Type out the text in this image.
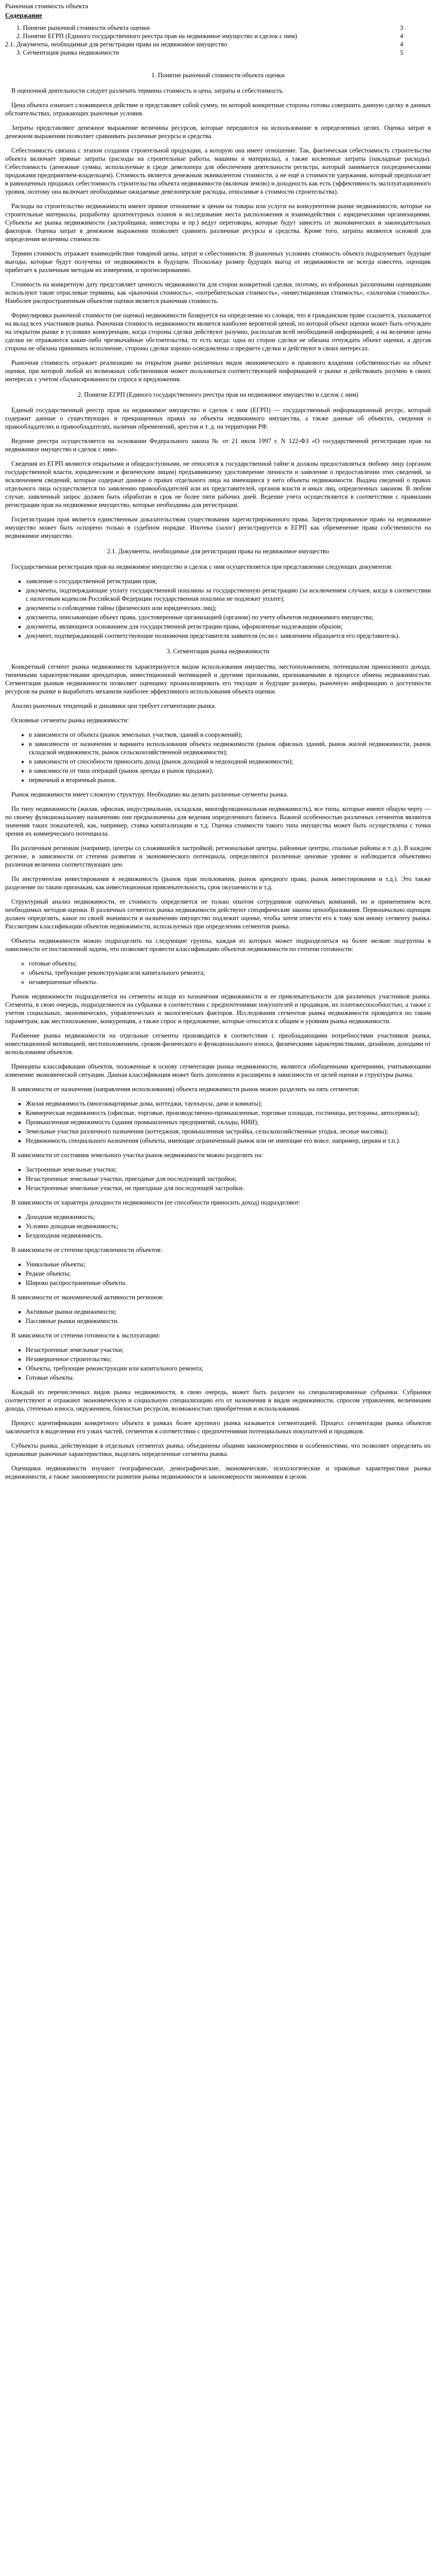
Рыночная стоимость объекта
Содержание
1. Понятие рыночной стоимости объекта оценки	3
2. Понятие ЕГРП (Единого государственного реестра прав на недвижимое имущество и сделок с ним)	4
2.1. Документы, необходимые для регистрации права на недвижимое имущество	4
3. Сегментация рынка недвижимости	5
1. Понятие рыночной стоимости объекта оценки

В оценочной деятельности следует различать термины стоимость и цена, затраты и себестоимость.

Цена объекта означает сложившееся действие и представляет собой сумму, по которой конкретные стороны готовы совершить данную сделку в данных обстоятельствах, отражающих рыночные условия.

Затраты представляют денежное выражение величины ресурсов, которые передаются на использование в определенных целях. Оценка затрат в денежном выражении позволяет сравнивать различные ресурсы и средства.

Себестоимость связана с этапом создания строительной продукции, а которую она имеет отношение. Так, фактическая себестоимость строительства объекта включает прямые затраты (расходы на строительные работы, машины и материалы), а также косвенные затраты (накладные расходы). Себестоимость (денежные суммы, используемые в среде девелопера для обеспечения деятельности регистра, который занимается посредническими продажами предприятием-владельцем). Стоимость является денежным эквивалентом стоимости, а не ещё и стоимости удержания, который предполагает в равноценных продажах себестоимость строительства объекта недвижимости (включая землю) и доходность как есть (эффективность эксплуатационного уровня, поэтому она включает необходимые ожидаемые девелоперские расходы, относимые к стоимости строительства).

Расходы на строительство недвижимости имеют прямое отношение к ценам на товары или услуги на конкурентном рынке недвижимости, которые на строительные материалы, разработку архитектурных планов и исследование места расположения и взаимодействия с юридическими организациями. Субъекты же рынка недвижимости (застройщики, инвесторы и пр.) ведут переговоры, которые будут зависеть от экономических и законодательных факторов. Оценка затрат в денежном выражении позволяет сравнить различные ресурсы и средства. Кроме того, затраты являются основой для определения величины стоимости.

Термин стоимость отражает взаимодействие товарной цены, затрат и себестоимости. В рыночных условиях стоимость объекта подразумевает будущие выгоды, которые будут получены от недвижимости в будущем. Поскольку размер будущих выгод от недвижимости не всегда известен, оценщик прибегает к различным методам их измерения, и прогнозированию.

Стоимость на конкретную дату представляет ценность недвижимости для сторон конкретной сделки, поэтому, из избранных различными оценщиками используют такие отраслевые термины, как «рыночная стоимость», «потребительская стоимость», «инвестиционная стоимость», «залоговая стоимость». Наиболее распространенным объектом оценки является рыночная стоимость.

Формулировка рыночной стоимости (не оценка) недвижимости базируется на определении из словаря, что в гражданском праве ссылается, указывается на вклад всех участников рынка. Рыночная стоимость недвижимости является наиболее вероятной ценой, по которой объект оценки может быть отчужден на открытом рынке в условиях конкуренции, когда стороны сделки действуют разумно, располагая всей необходимой информацией, а на величине цены сделки не отражаются какие-либо чрезвычайные обстоятельства, то есть когда: одна из сторон сделки не обязана отчуждать объект оценки, а другая сторона не обязана принимать исполнение, стороны сделки хорошо осведомлены о предмете сделки и действуют в своих интересах.

Рыночная стоимость отражает реализацию на открытом рынке различных видов экономического и правового владения собственностью на объект оценки, при которой любой из возможных собственников может пользоваться соответствующей информацией о рынке и действовать разумно в своих интересах с учетом сбалансированности спроса и предложения.

2. Понятие ЕГРП (Единого государственного реестра прав на недвижимое имущество и сделок с ним)

Единый государственный реестр прав на недвижимое имущество и сделок с ним (ЕГРП) — государственный информационный ресурс, который содержит данные о существующих и прекращенных правах на объекты недвижимого имущества, а также данные об объектах, сведения о правообладателях и правообладателях, наличии обременений, арестов и т. д. на территории РФ.

Ведение реестра осуществляется на основании Федерального закона № от 21 июля 1997 г. N 122-ФЗ «О государственной регистрации прав на недвижимое имущество и сделок с ним».

Сведения из ЕГРП являются открытыми и общедоступными, не относятся к государственной тайне и должны предоставляться любому лицу (органам государственной власти, юридическим и физическим лицам) предъявившему удостоверение личности и заявление о предоставлении этих сведений, за исключением сведений, которые содержат данные о правах отдельного лица на имеющиеся у него объекты недвижимости. Выдача сведений о правах отдельного лица осуществляется по заявлению правообладателей или их представителей, органов власти и иных лиц, определенных законом. В любом случае, заявленный запрос должен быть обработан в срок не более пяти рабочих дней. Ведение учета осуществляется в соответствии с правилами регистрации прав на недвижимое имущество, которые необходимы для регистрации.

Госрегистрация прав является единственным доказательством существования зарегистрированного права. Зарегистрированное право на недвижимое имущество может быть оспорено только в судебном порядке. Ипотека (залог) регистрируется в ЕГРП как обременение права собственности на недвижимое имущество.

2.1. Документы, необходимые для регистрации права на недвижимое имущество

Государственная регистрация прав на недвижимое имущество и сделок с ним осуществляется при представлении следующих документов:

▪ заявление о государственной регистрации прав;
▪ документы, подтверждающие уплату государственной пошлины за государственную регистрацию (за исключением случаев, когда в соответствии с налоговым кодексом Российской Федерации государственная пошлина не подлежит уплате);
▪ документы о соблюдении тайны (физических или юридических лиц);
▪ документы, описывающие объект права, удостоверенные организацией (органом) по учету объектов недвижимого имущества;
▪ документы, являющиеся основанием для государственной регистрации права, оформленные надлежащим образом;
▪ документ, подтверждающий соответствующие полномочия представителя заявителя (если с заявлением обращается его представитель).
3. Сегментация рынка недвижимости

Конкретный сегмент рынка недвижимости характеризуется видом использования имущества, местоположением, потенциалом приносимого дохода, типичными характеристиками арендаторов, инвестиционной мотивацией и другими признаками, признаваемыми в процессе обмена недвижимостью. Сегментация рынков недвижимости позволяет оценщику проанализировать его текущие и будущие размеры, рыночную информацию о доступности ресурсов на рынке и выработать механизм наиболее эффективного использования объекта оценки.

Анализ рыночных тенденций и динамики цен требует сегментации рынка.

Основные сегменты рынка недвижимости:

• в зависимости от объекта (рынок земельных участков, зданий и сооружений);
• в зависимости от назначения и варианта использования объекта недвижимости (рынок офисных зданий, рынок жилой недвижимости, рынок складской недвижимости, рынок сельскохозяйственной недвижимости);
• в зависимости от способности приносить доход (рынок доходной и недоходной недвижимости);
• в зависимости от типа операций (рынок аренды и рынок продажи);
• первичный и вторичный рынок.

Рынок недвижимости имеет сложную структуру. Необходимо вы делить различные сегменты рынка.

По типу недвижимости (жилая, офисная, индустриальная, складская, многофункциональная недвижимость), все типы, которые имеют общую черту — по своему функциональному назначению они предназначены для ведения определенного бизнеса. Важной особенностью различных сегментов являются значения таких показателей, как, например, ставка капитализации и т.д. Оценка стоимости такого типа имущества может быть осуществлена с точки зрения их коммерческого потенциала.

По различным регионам (например, центры со сложившейся застройкой, региональные центры, районные центры, спальные районы и т. д.). В каждом регионе, в зависимости от степени развития и экономического потенциала, определяются различные ценовые уровни и наблюдается объективно различная величина соответствующих цен.

По инструментам инвестирования в недвижимость (рынок прав пользования, рынок арендного права, рынок инвестирования и т.д.). Это также разделение по таким признакам, как инвестиционная привлекательность, срок окупаемости и т.д.

Структурный анализ недвижимости, ее стоимость определяется не только опытом сотрудников оценочных компаний, но и применением всех необходимых методов оценки. В различных сегментах рынка недвижимости действуют специфические законы ценообразования. Первоначально оценщик должен определить, какое по своей значимости и назначению имущество подлежит оценке, чтобы затем отнести его к тому или иному сегменту рынка. Рассмотрим классификации объектов недвижимости, используемых при определении сегментов рынка.

Объекты недвижимости можно подразделить на следующие группы, каждая из которых может подразделяться на более мелкие подгруппы в зависимости от поставленной задачи, что позволяет провести классификацию объектов недвижимости по степени готовности:

◦ готовые объекты;
◦ объекты, требующие реконструкции или капитального ремонта;
◦ незавершенные объекты.

Рынок недвижимости подразделяется на сегменты исходя из назначения недвижимости и ее привлекательности для различных участников рынка. Сегменты, в свою очередь, подразделяются на субрынки в соответствии с предпочтениями покупателей и продавцов, их платежеспособностью, а также с учетом социальных, экономических, управленческих и экологических факторов. Исследования сегментов рынка недвижимости проводятся по таким параметрам, как местоположение, конкуренция, а также спрос и предложение, которые относятся к общим и уровням рынка недвижимости.

Разбиение рынка недвижимости на отдельные сегменты производится в соответствии с преобладающими потребностями участников рынка, инвестиционной мотивацией, местоположением, сроком физического и функционального износа, физическими характеристиками, дизайном, доходами от использования объектов.

Принципы классификации объектов, положенные в основу сегментации рынка недвижимости, являются обобщенными критериями, учитывающими изменение экономической ситуации. Данная классификация может быть дополнена и расширена в зависимости от целей оценки и структуры рынка.

В зависимости от назначения (направления использования) объекта недвижимости рынок можно разделить на пять сегментов:

▪ Жилая недвижимость (многоквартирные дома, коттеджи, таунхаусы, дачи и комнаты);
▪ Коммерческая недвижимость (офисные, торговые, производственно-промышленные, торговые площади, гостиницы, рестораны, автосервисы);
▪ Промышленная недвижимость (здания промышленных предприятий, склады, НИИ);
▪ Земельные участки различного назначения (коттеджная, промышленная застройка, сельскохозяйственные угодья, лесные массивы);
▪ Недвижимость специального назначения (объекты, имеющие ограниченный рынок или не имеющие его вовсе, например, церкви и т.п.).

В зависимости от состояния земельного участка рынок недвижимости можно разделить на:

▪ Застроенные земельные участки;
▪ Незастроенные земельные участки, пригодные для последующей застройки;
▪ Незастроенные земельные участки, не пригодные для последующей застройки.

В зависимости от характера доходности недвижимости (ее способности приносить доход) подразделяют:

▪ Доходная недвижимость;
▪ Условно доходная недвижимость;
▪ Бездоходная недвижимость.

В зависимости от степени представленности объектов:

▪ Уникальные объекты;
▪ Редкие объекты;
▪ Широко распространенные объекты.

В зависимости от экономической активности регионов:

▪ Активные рынки недвижимости;
▪ Пассивные рынки недвижимости.

В зависимости от степени готовности к эксплуатации:

▪ Незастроенные земельные участки;
▪ Незавершенное строительство;
▪ Объекты, требующие реконструкции или капитального ремонта;
▪ Готовые объекты.

Каждый из перечисленных видов рынка недвижимости, в свою очередь, может быть разделен на специализированные субрынки. Субрынки соответствуют и отражают экономическую и социальную специализацию его от назначения и видов недвижимости, спросом управления, величинами дохода, степенью износа, окружением, близостью ресурсов, возможностью приобретения и использования.

Процесс идентификации конкретного объекта в рамках более крупного рынка называется сегментацией. Процесс сегментации рынка объектов заключается в выделении его узких частей, сегментов в соответствии с предпочтениями потенциальных покупателей и продавцов.

Субъекты рынка, действующие в отдельных сегментах рынка, объединены общими закономерностями и особенностями, что позволяет определять их одинаковые рыночные характеристики, выделять определенные сегменты рынка.

Оценщики недвижимости изучают географические, демографические, экономические, психологические и правовые характеристики рынка недвижимости, а также закономерности развития рынка недвижимости и закономерности экономики в целом.
